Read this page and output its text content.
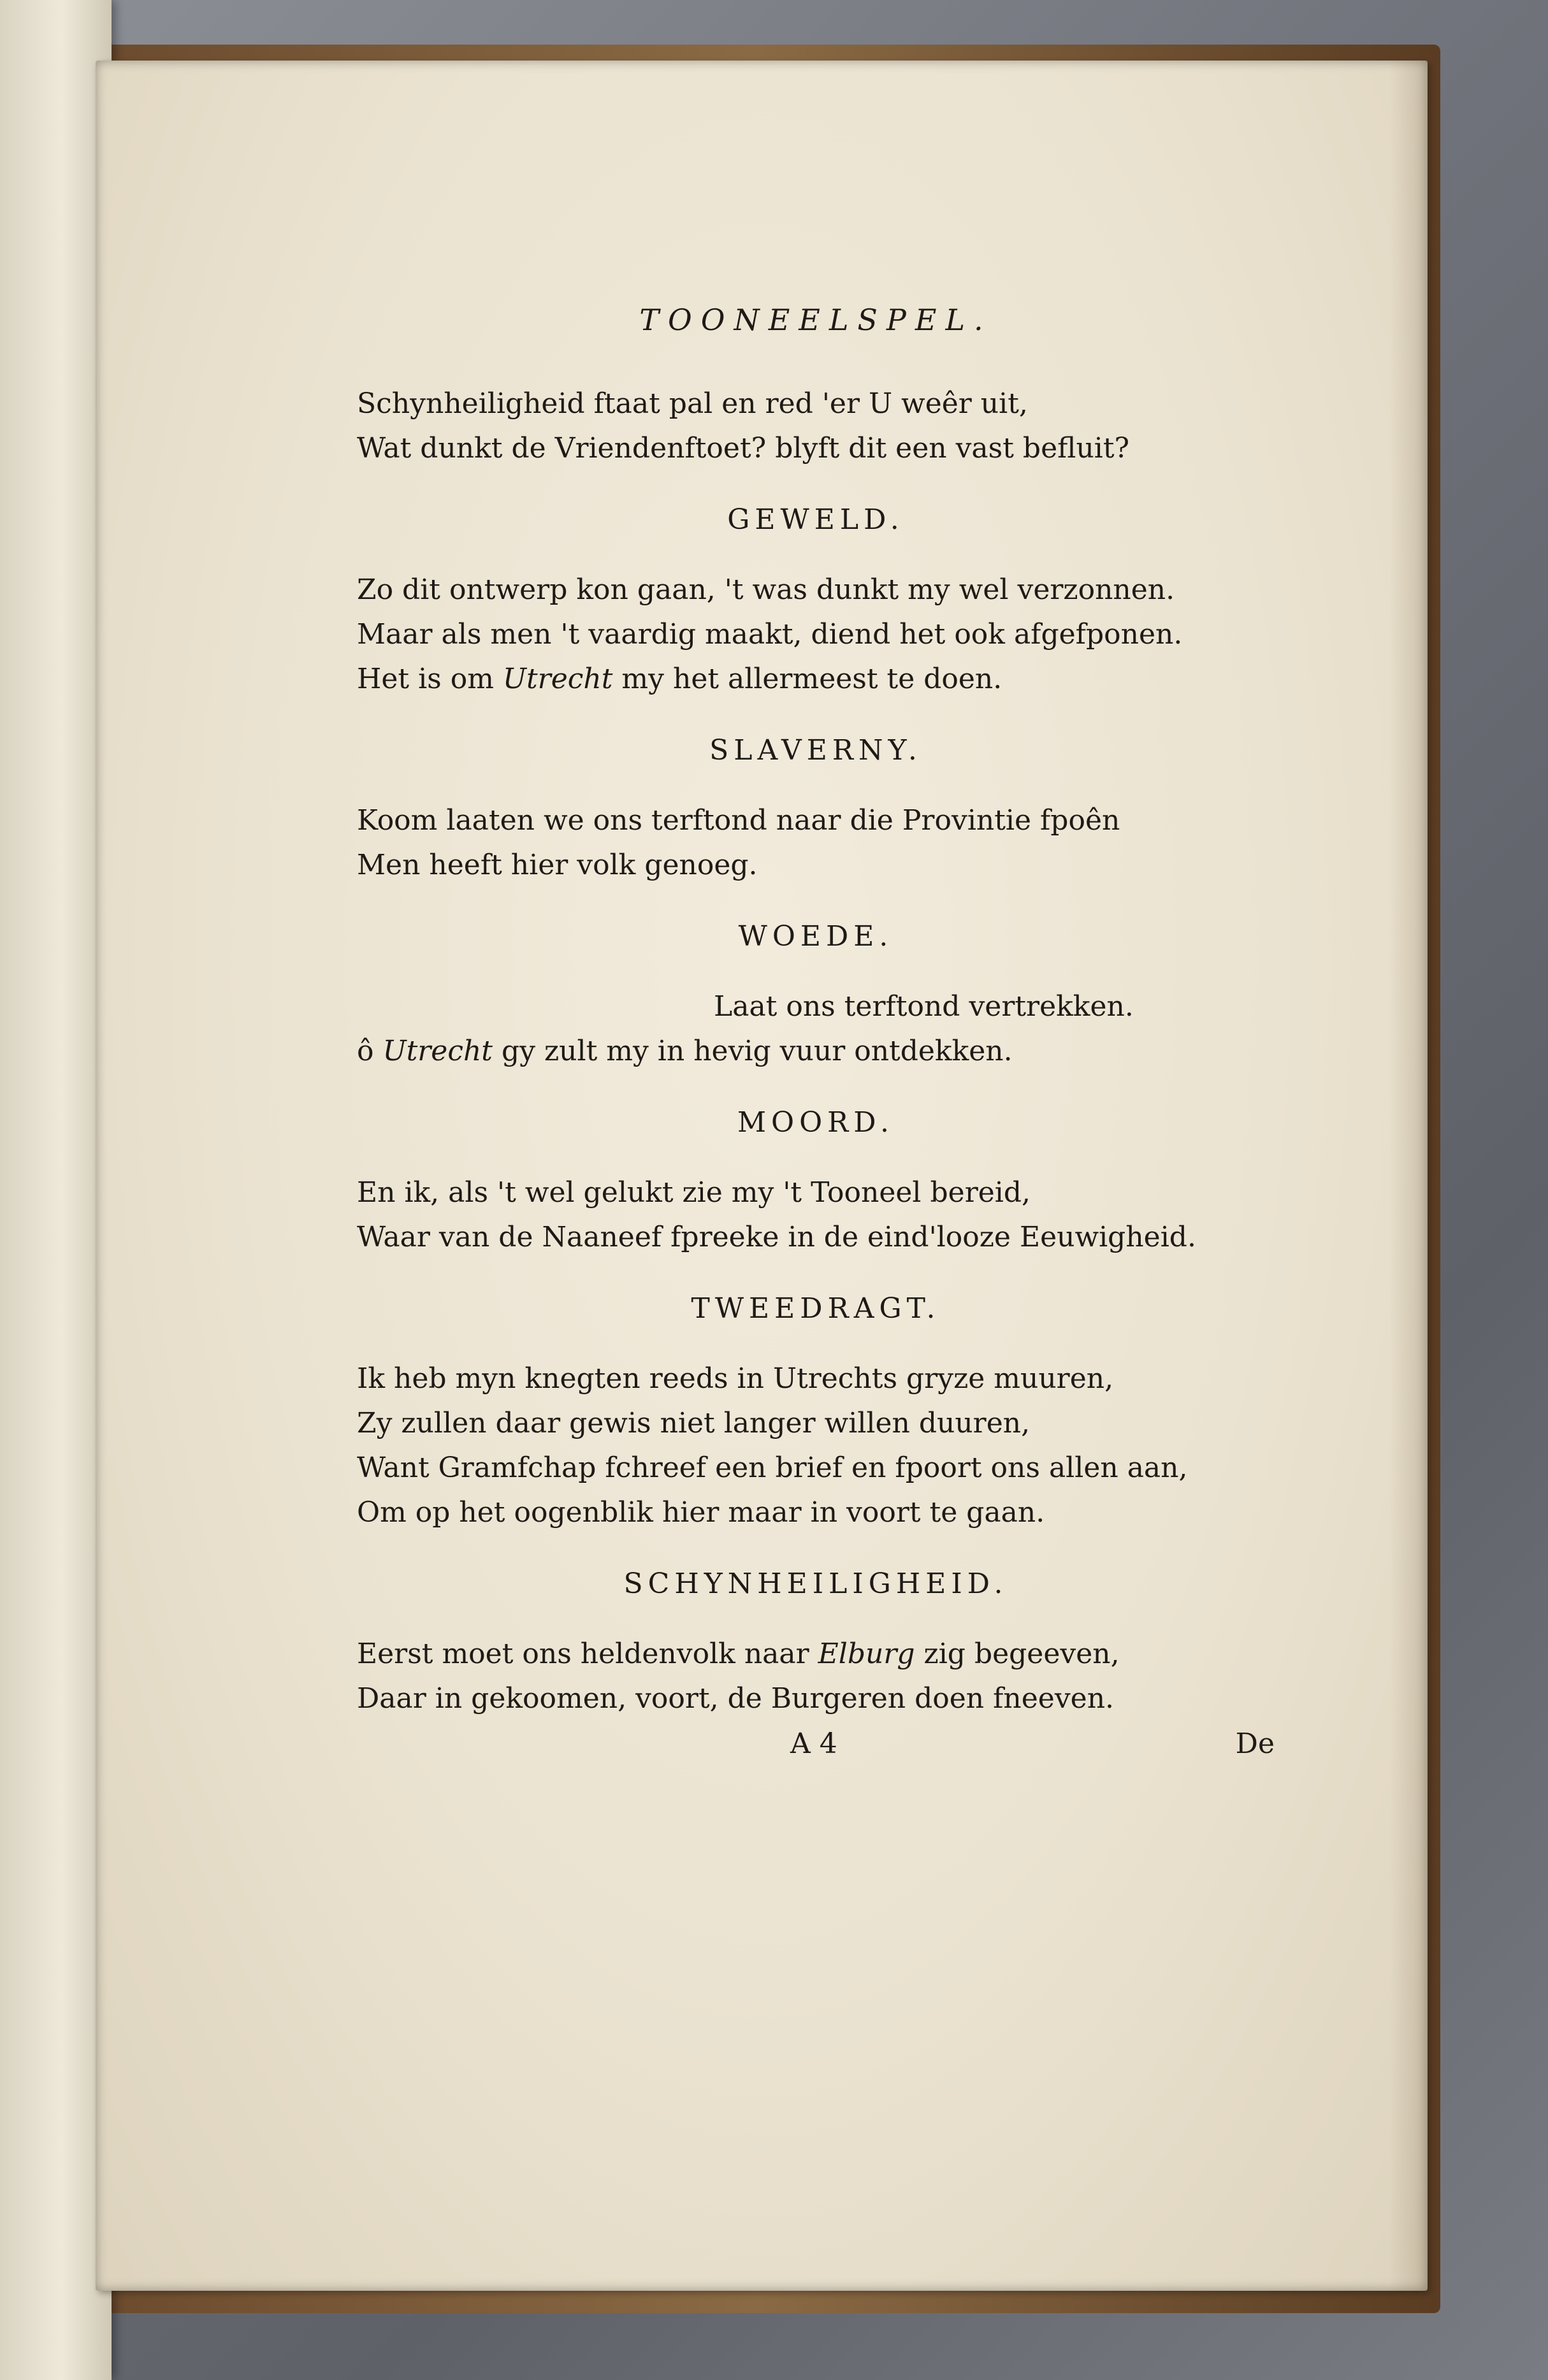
TOONEELSPEL.
Schynheiligheid ftaat pal en red 'er U weêr uit,
Wat dunkt de Vriendenftoet? blyft dit een vast befluit?
GEWELD.
Zo dit ontwerp kon gaan, 't was dunkt my wel verzonnen.
Maar als men 't vaardig maakt, diend het ook afgefponen.
Het is om Utrecht my het allermeest te doen.
SLAVERNY.
Koom laaten we ons terftond naar die Provintie fpoên
Men heeft hier volk genoeg.
WOEDE.
Laat ons terftond vertrekken.
ô Utrecht gy zult my in hevig vuur ontdekken.
MOORD.
En ik, als 't wel gelukt zie my 't Tooneel bereid,
Waar van de Naaneef fpreeke in de eind'looze Eeuwigheid.
TWEEDRAGT.
Ik heb myn knegten reeds in Utrechts gryze muuren,
Zy zullen daar gewis niet langer willen duuren,
Want Gramfchap fchreef een brief en fpoort ons allen aan,
Om op het oogenblik hier maar in voort te gaan.
SCHYNHEILIGHEID.
Eerst moet ons heldenvolk naar Elburg zig begeeven,
Daar in gekoomen, voort, de Burgeren doen fneeven.
A 4	De
